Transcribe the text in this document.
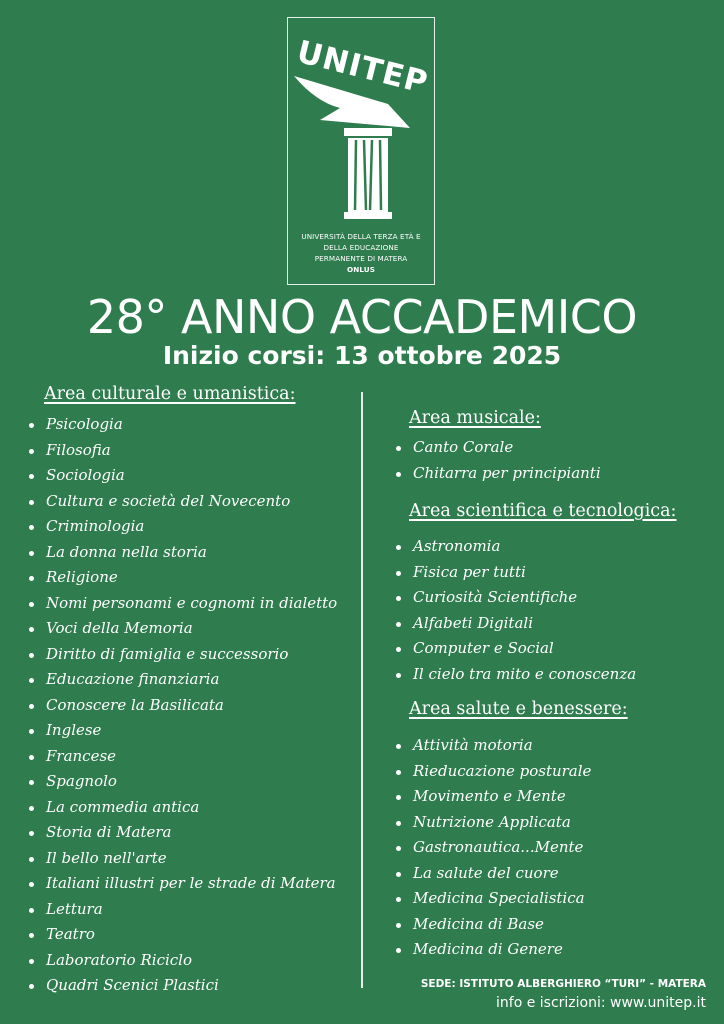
UNITEP
UNIVERSITÀ DELLA TERZA ETÀ E
DELLA EDUCAZIONE
PERMANENTE DI MATERA
ONLUS
28° ANNO ACCADEMICO
Inizio corsi: 13 ottobre 2025
Area culturale e umanistica:
Psicologia
Filosofia
Sociologia
Cultura e società del Novecento
Criminologia
La donna nella storia
Religione
Nomi personami e cognomi in dialetto
Voci della Memoria
Diritto di famiglia e successorio
Educazione finanziaria
Conoscere la Basilicata
Inglese
Francese
Spagnolo
La commedia antica
Storia di Matera
Il bello nell'arte
Italiani illustri per le strade di Matera
Lettura
Teatro
Laboratorio Riciclo
Quadri Scenici Plastici
Area musicale:
Canto Corale
Chitarra per principianti
Area scientifica e tecnologica:
Astronomia
Fisica per tutti
Curiosità Scientifiche
Alfabeti Digitali
Computer e Social
Il cielo tra mito e conoscenza
Area salute e benessere:
Attività motoria
Rieducazione posturale
Movimento e Mente
Nutrizione Applicata
Gastronautica...Mente
La salute del cuore
Medicina Specialistica
Medicina di Base
Medicina di Genere
SEDE: ISTITUTO ALBERGHIERO “TURI” - MATERA
info e iscrizioni: www.unitep.it
